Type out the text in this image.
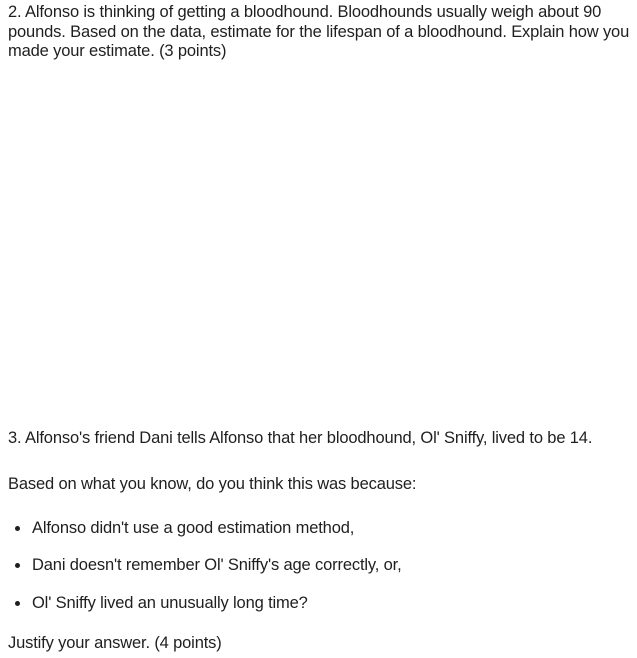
2. Alfonso is thinking of getting a bloodhound. Bloodhounds usually weigh about 90 pounds. Based on the data, estimate for the lifespan of a bloodhound. Explain how you made your estimate. (3 points)
3. Alfonso's friend Dani tells Alfonso that her bloodhound, Ol' Sniffy, lived to be 14.
Based on what you know, do you think this was because:
Alfonso didn't use a good estimation method,
Dani doesn't remember Ol' Sniffy's age correctly, or,
Ol' Sniffy lived an unusually long time?
Justify your answer. (4 points)
